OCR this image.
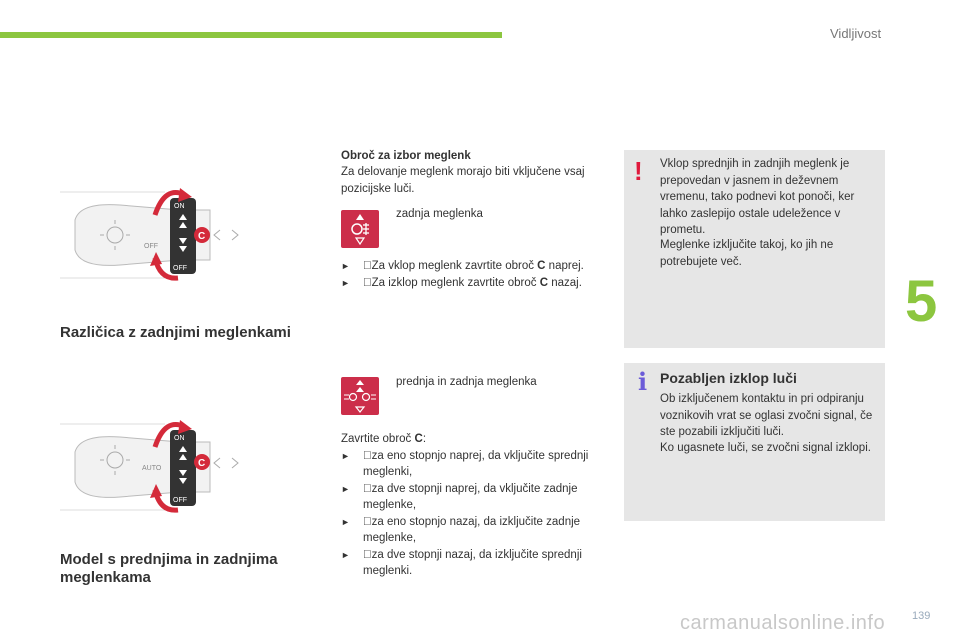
Vidljivost
5
OFF
ON
OFF
C
Različica z zadnjimi meglenkami
AUTO
ON
OFF
C
Model s prednjima in zadnjima meglenkama
Obroč za izbor meglenk
Za delovanje meglenk morajo biti vključene vsaj pozicijske luči.
zadnja meglenka
► Za vklop meglenk zavrtite obroč C naprej.
► Za izklop meglenk zavrtite obroč C nazaj.
prednja in zadnja meglenka
Zavrtite obroč C:
► za eno stopnjo naprej, da vključite sprednji meglenki,
► za dve stopnji naprej, da vključite zadnje meglenke,
► za eno stopnjo nazaj, da izključite zadnje meglenke,
► za dve stopnji nazaj, da izključite sprednji meglenki.
! Vklop sprednjih in zadnjih meglenk je prepovedan v jasnem in deževnem vremenu, tako podnevi kot ponoči, ker lahko zaslepijo ostale udeležence v prometu.
Meglenke izključite takoj, ko jih ne potrebujete več.
i Pozabljen izklop luči
Ob izključenem kontaktu in pri odpiranju voznikovih vrat se oglasi zvočni signal, če ste pozabili izključiti luči.
Ko ugasnete luči, se zvočni signal izklopi.
139
carmanualsonline.info
